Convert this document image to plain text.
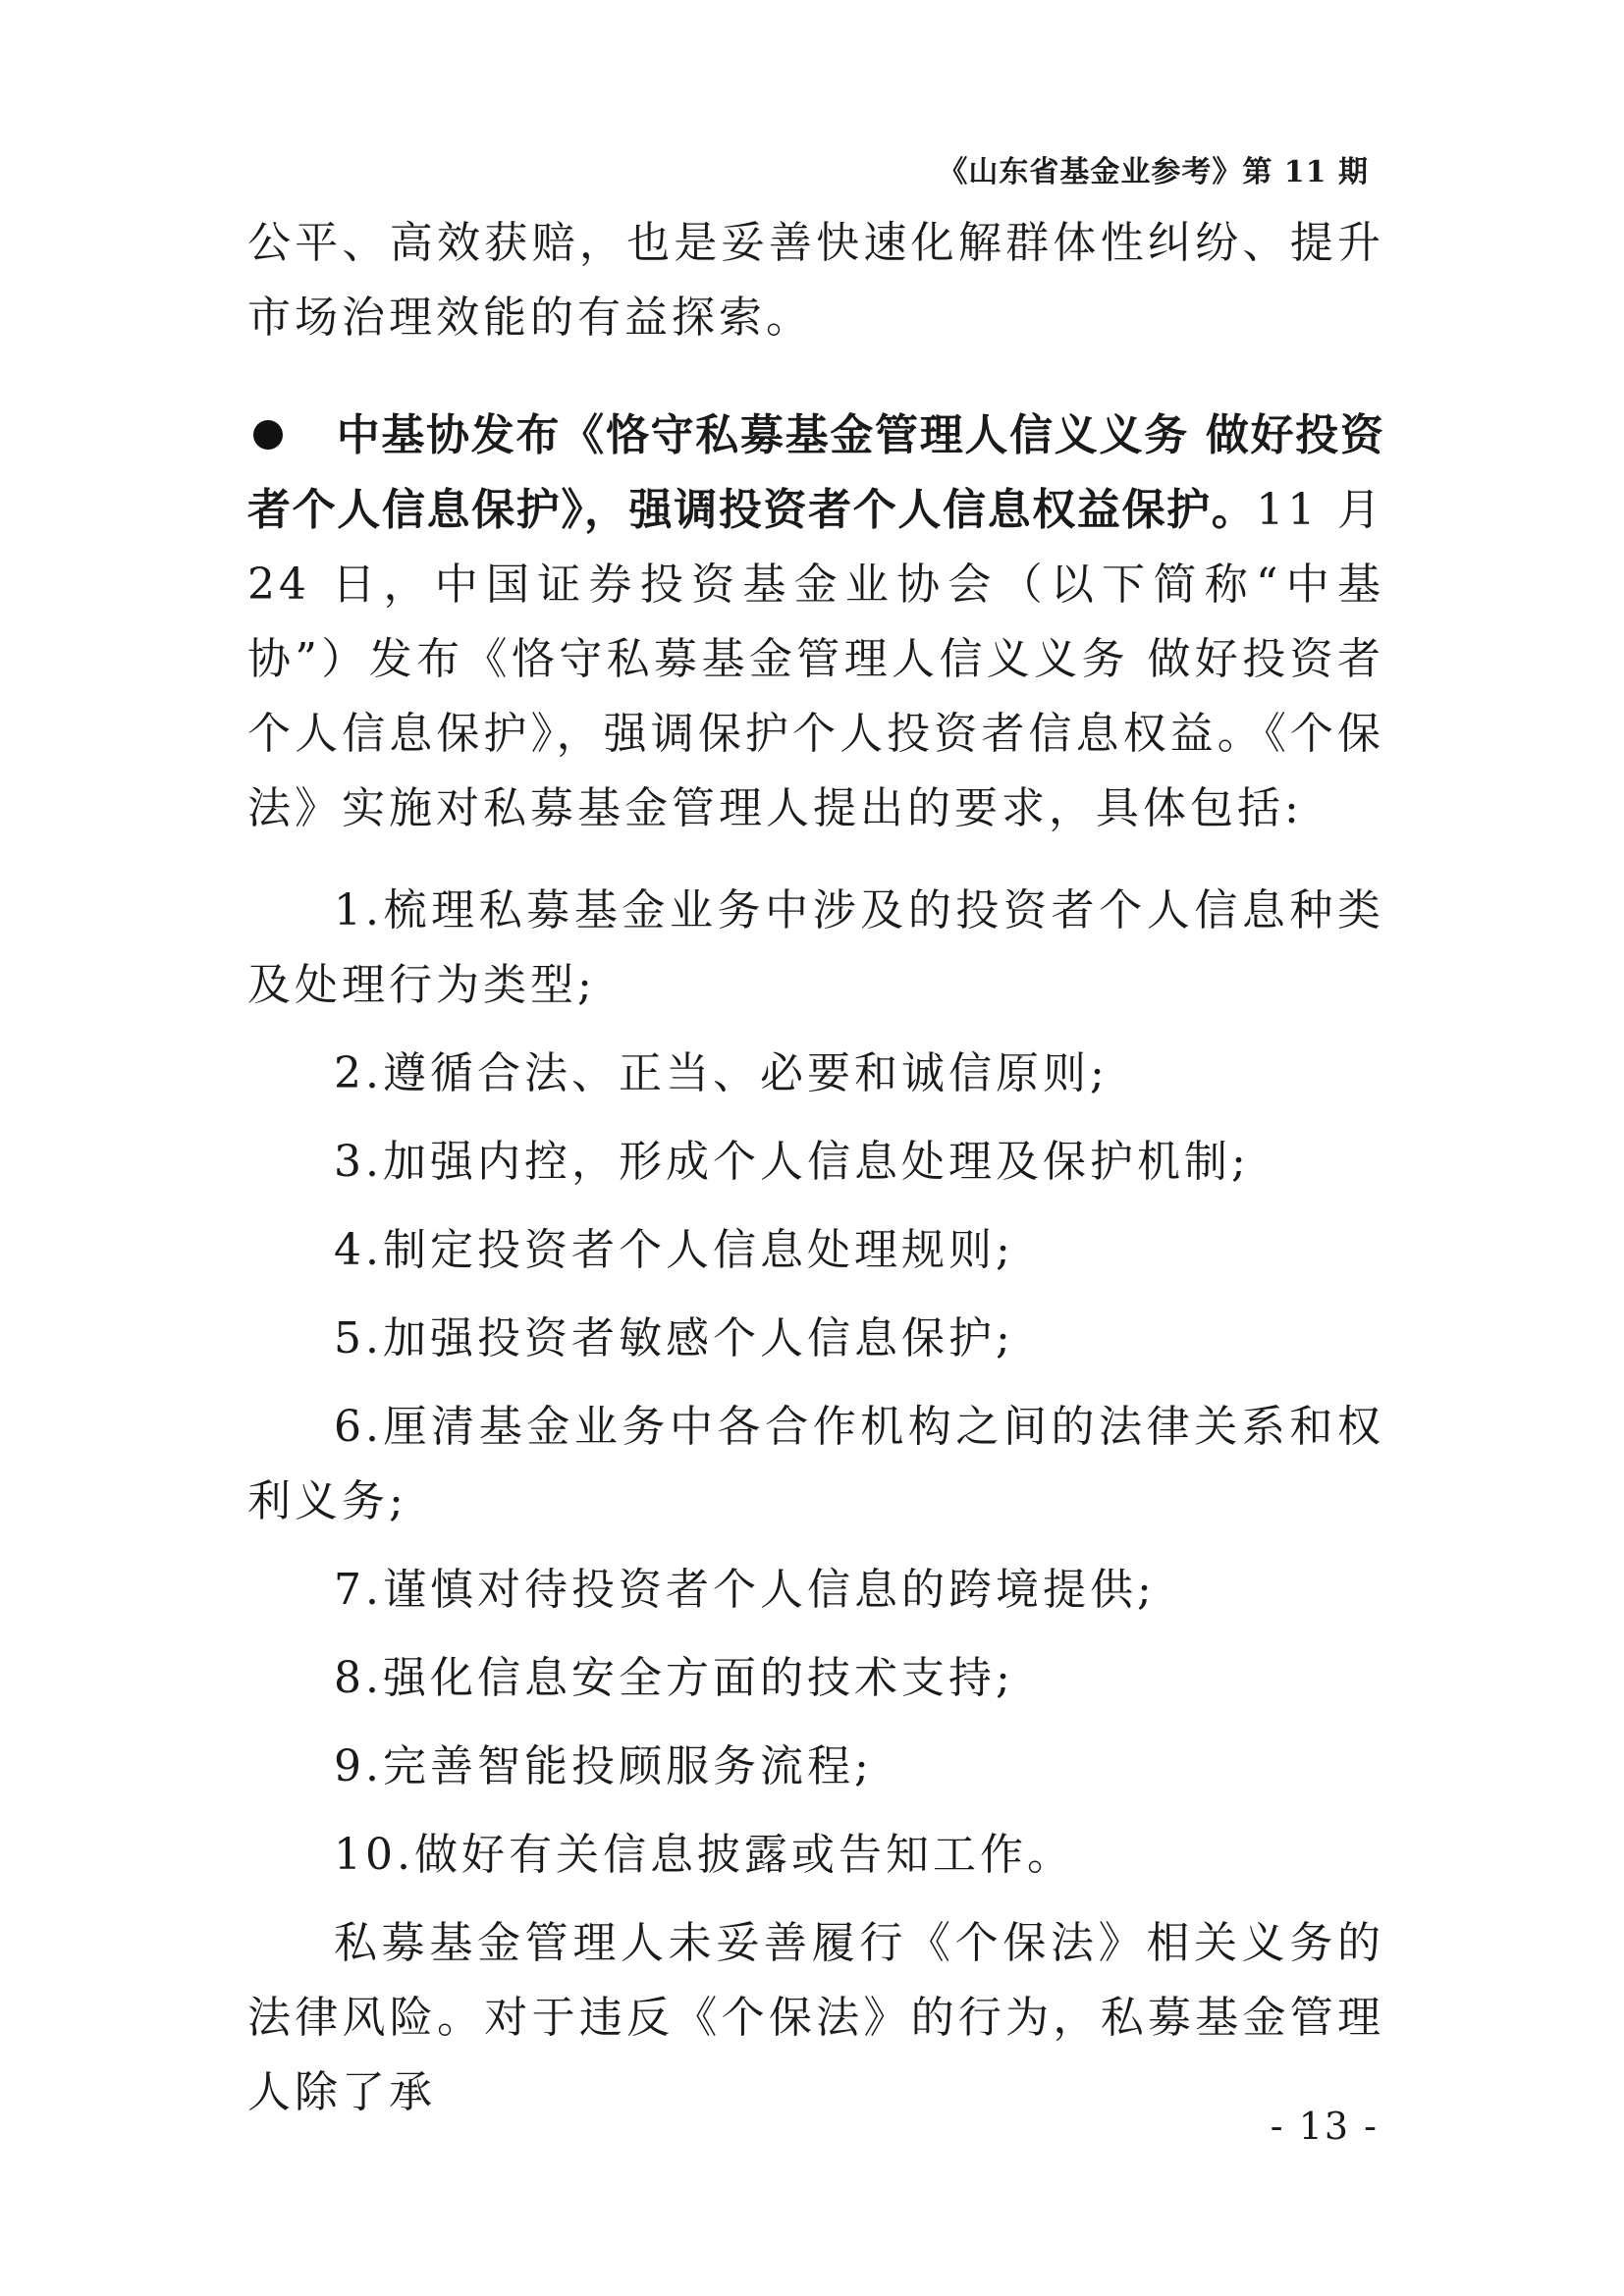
《山东省基金业参考》第 11 期

公平、高效获赔，也是妥善快速化解群体性纠纷、提升市场治理效能的有益探索。

中基协发布《恪守私募基金管理人信义义务 做好投资者个人信息保护》，强调投资者个人信息权益保护。11 月 24 日，中国证券投资基金业协会（以下简称“中基协”）发布《恪守私募基金管理人信义义务 做好投资者个人信息保护》，强调保护个人投资者信息权益。《个保法》实施对私募基金管理人提出的要求，具体包括:

1.梳理私募基金业务中涉及的投资者个人信息种类及处理行为类型;

2.遵循合法、正当、必要和诚信原则;

3.加强内控，形成个人信息处理及保护机制;

4.制定投资者个人信息处理规则;

5.加强投资者敏感个人信息保护;

6.厘清基金业务中各合作机构之间的法律关系和权利义务;

7.谨慎对待投资者个人信息的跨境提供;

8.强化信息安全方面的技术支持;

9.完善智能投顾服务流程;

10.做好有关信息披露或告知工作。

私募基金管理人未妥善履行《个保法》相关义务的法律风险。对于违反《个保法》的行为，私募基金管理人除了承

- 13 -
